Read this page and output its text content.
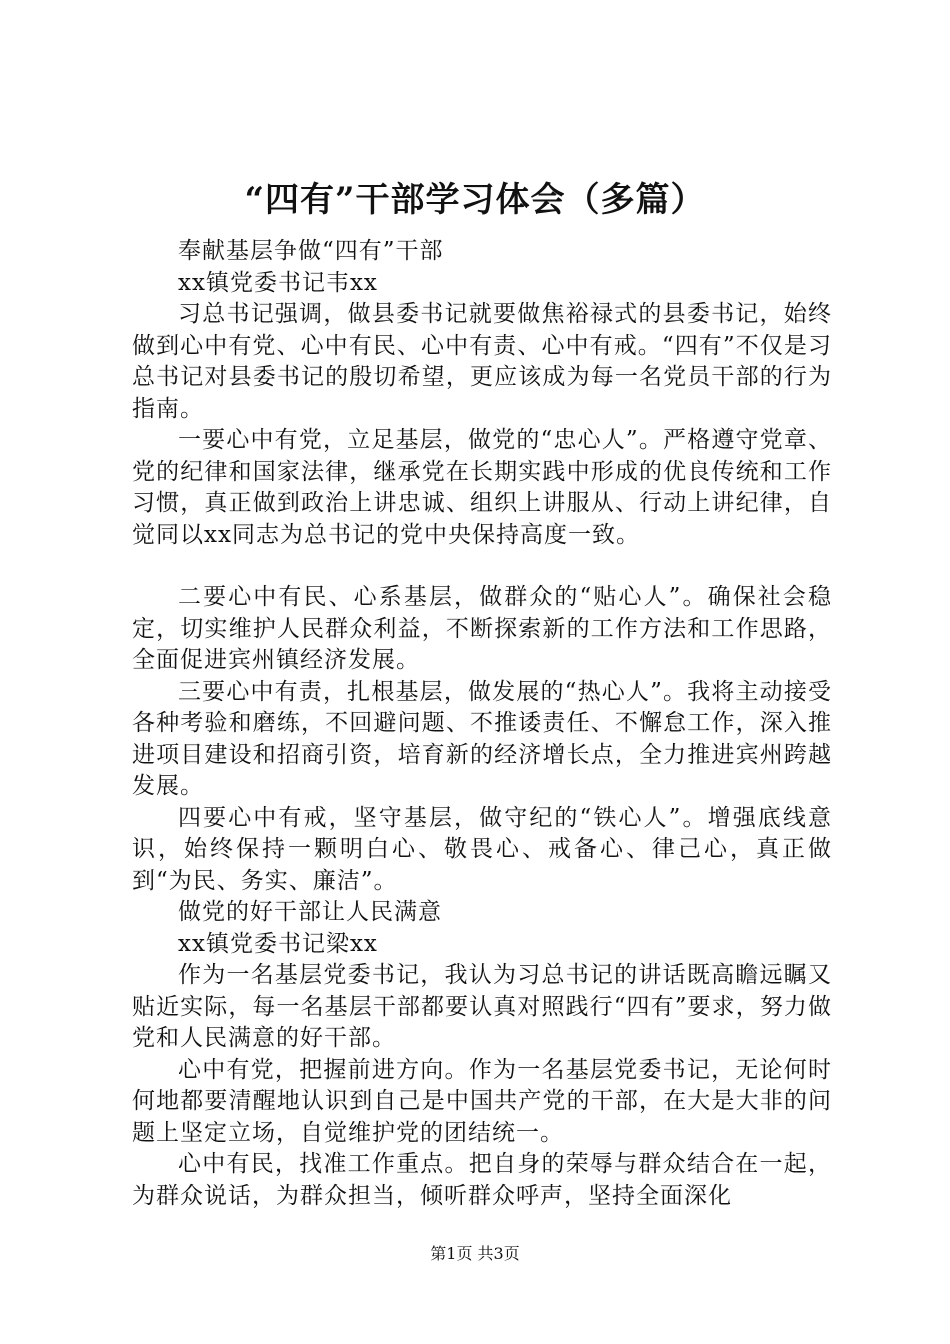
“四有”干部学习体会（多篇）

奉献基层争做“四有”干部

xx镇党委书记韦xx

习总书记强调，做县委书记就要做焦裕禄式的县委书记，始终做到心中有党、心中有民、心中有责、心中有戒。“四有”不仅是习总书记对县委书记的殷切希望，更应该成为每一名党员干部的行为指南。

一要心中有党，立足基层，做党的“忠心人”。严格遵守党章、党的纪律和国家法律，继承党在长期实践中形成的优良传统和工作习惯，真正做到政治上讲忠诚、组织上讲服从、行动上讲纪律，自觉同以xx同志为总书记的党中央保持高度一致。

二要心中有民、心系基层，做群众的“贴心人”。确保社会稳定，切实维护人民群众利益，不断探索新的工作方法和工作思路，全面促进宾州镇经济发展。

三要心中有责，扎根基层，做发展的“热心人”。我将主动接受各种考验和磨练，不回避问题、不推诿责任、不懈怠工作，深入推进项目建设和招商引资，培育新的经济增长点，全力推进宾州跨越发展。

四要心中有戒，坚守基层，做守纪的“铁心人”。增强底线意识，始终保持一颗明白心、敬畏心、戒备心、律己心，真正做到“为民、务实、廉洁”。

做党的好干部让人民满意

xx镇党委书记梁xx

作为一名基层党委书记，我认为习总书记的讲话既高瞻远瞩又贴近实际，每一名基层干部都要认真对照践行“四有”要求，努力做党和人民满意的好干部。

心中有党，把握前进方向。作为一名基层党委书记，无论何时何地都要清醒地认识到自己是中国共产党的干部，在大是大非的问题上坚定立场，自觉维护党的团结统一。

心中有民，找准工作重点。把自身的荣辱与群众结合在一起，为群众说话，为群众担当，倾听群众呼声，坚持全面深化

第1页 共3页
